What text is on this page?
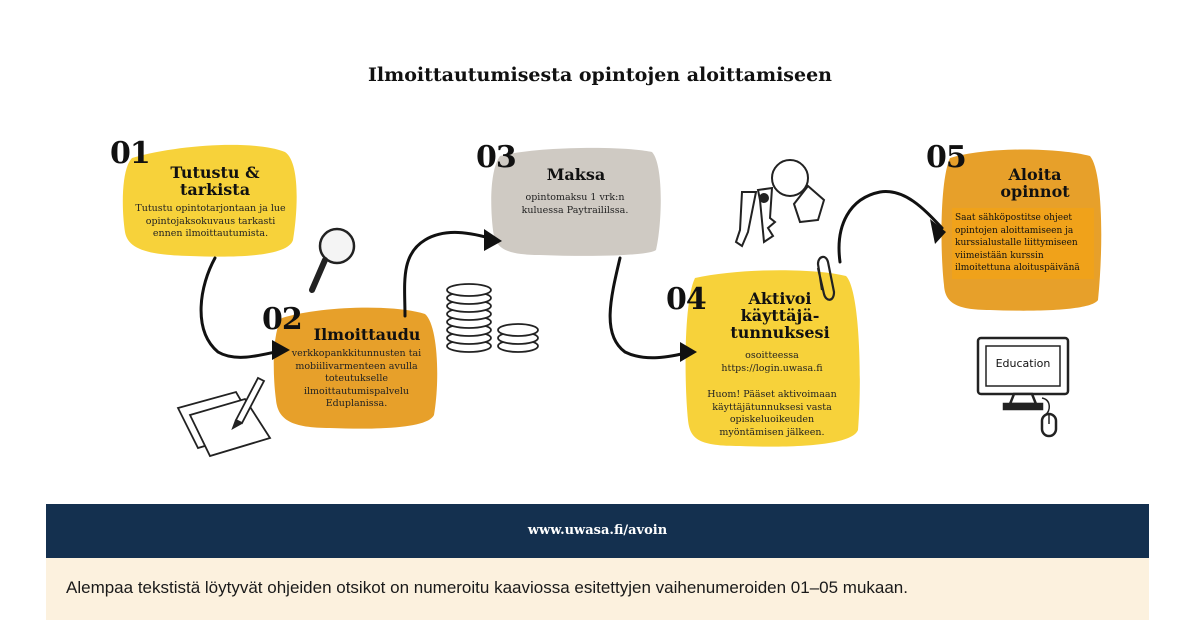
Ilmoittautumisesta opintojen aloittamiseen
Education
01
Tutustu &
tarkista
Tutustu opintotarjontaan ja lue
opintojaksokuvaus tarkasti
ennen ilmoittautumista.
02 Ilmoittaudu
verkkopankkitunnusten tai
mobiilivarmenteen avulla
toteutukselle
ilmoittautumispalvelu
Eduplanissa.
03	Maksa
opintomaksu 1 vrk:n
kuluessa Paytraililssa.
04	Aktivoi
käyttäjä-
tunnuksesi
osoitteessa
https://login.uwasa.fi
Huom! Pääset aktivoimaan
käyttäjätunnuksesi vasta
opiskeluoikeuden
myöntämisen jälkeen.
05	Aloita
opinnot
Saat sähköpostitse ohjeet
opintojen aloittamiseen ja
kurssialustalle liittymiseen
viimeistään kurssin
ilmoitettuna aloituspäivänä
www.uwasa.fi/avoin
Alempaa tekstistä löytyvät ohjeiden otsikot on numeroitu kaaviossa esitettyjen vaihenumeroiden 01–05 mukaan.
